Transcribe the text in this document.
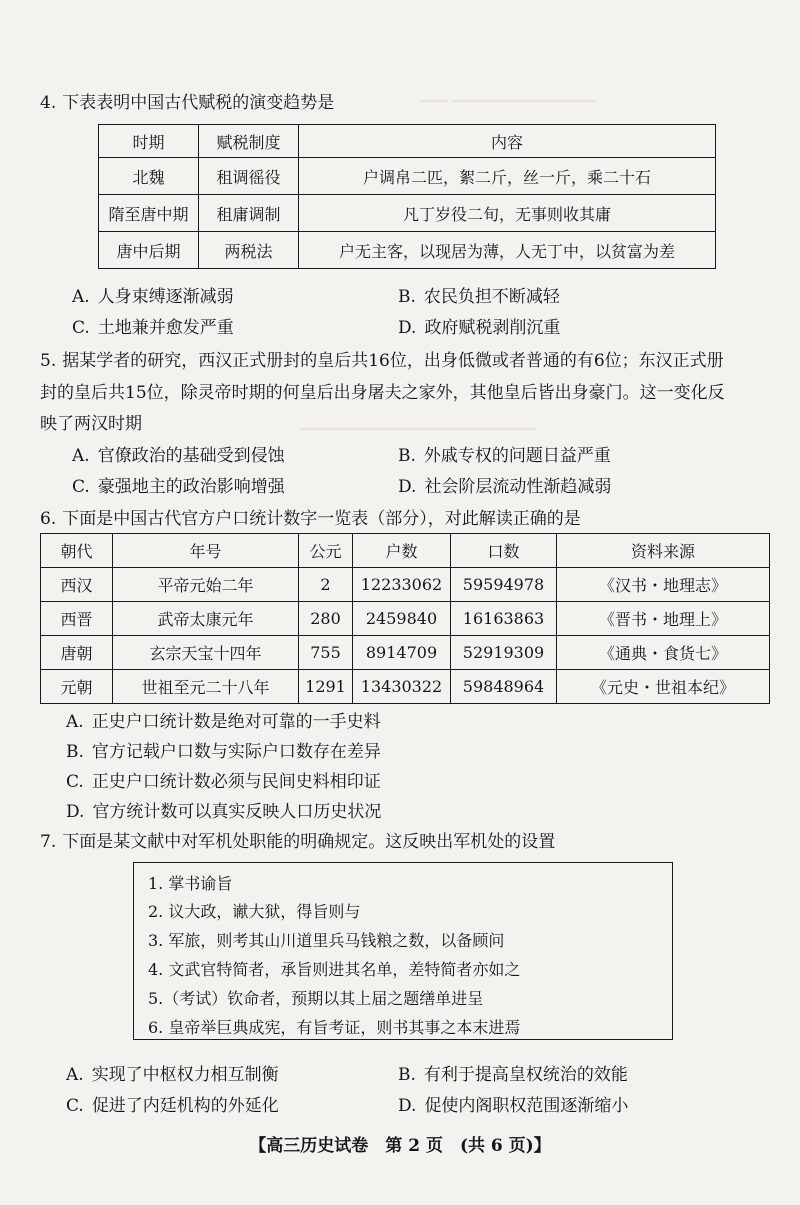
━━━ ━━━━━━━━━━━━━━━━
━━━━━━━━━━━━━━━━━━━━━━━━━━
4. 下表表明中国古代赋税的演变趋势是
时期	赋税制度	内容
北魏	租调徭役	户调帛二匹，絮二斤，丝一斤，乘二十石
隋至唐中期	租庸调制	凡丁岁役二旬，无事则收其庸
唐中后期	两税法	户无主客，以现居为薄，人无丁中，以贫富为差
A. 人身束缚逐渐减弱	B. 农民负担不断减轻
C. 土地兼并愈发严重	D. 政府赋税剥削沉重
5. 据某学者的研究，西汉正式册封的皇后共16位，出身低微或者普通的有6位；东汉正式册
封的皇后共15位，除灵帝时期的何皇后出身屠夫之家外，其他皇后皆出身豪门。这一变化反
映了两汉时期
A. 官僚政治的基础受到侵蚀	B. 外戚专权的问题日益严重
C. 豪强地主的政治影响增强	D. 社会阶层流动性渐趋减弱
6. 下面是中国古代官方户口统计数字一览表（部分），对此解读正确的是
朝代	年号	公元	户数	口数	资料来源
西汉	平帝元始二年	2	12233062	59594978	《汉书・地理志》
西晋	武帝太康元年	280	2459840	16163863	《晋书・地理上》
唐朝	玄宗天宝十四年	755	8914709	52919309	《通典・食货七》
元朝	世祖至元二十八年	1291	13430322	59848964	《元史・世祖本纪》
A. 正史户口统计数是绝对可靠的一手史料
B. 官方记载户口数与实际户口数存在差异
C. 正史户口统计数必须与民间史料相印证
D. 官方统计数可以真实反映人口历史状况
7. 下面是某文献中对军机处职能的明确规定。这反映出军机处的设置
1. 掌书谕旨
2. 议大政，谳大狱，得旨则与
3. 军旅，则考其山川道里兵马钱粮之数，以备顾问
4. 文武官特简者，承旨则进其名单，差特简者亦如之
5.（考试）钦命者，预期以其上届之题缮单进呈
6. 皇帝举巨典成宪，有旨考证，则书其事之本末进焉
A. 实现了中枢权力相互制衡	B. 有利于提高皇权统治的效能
C. 促进了内廷机构的外延化	D. 促使内阁职权范围逐渐缩小
【高三历史试卷　第 2 页　(共 6 页)】
